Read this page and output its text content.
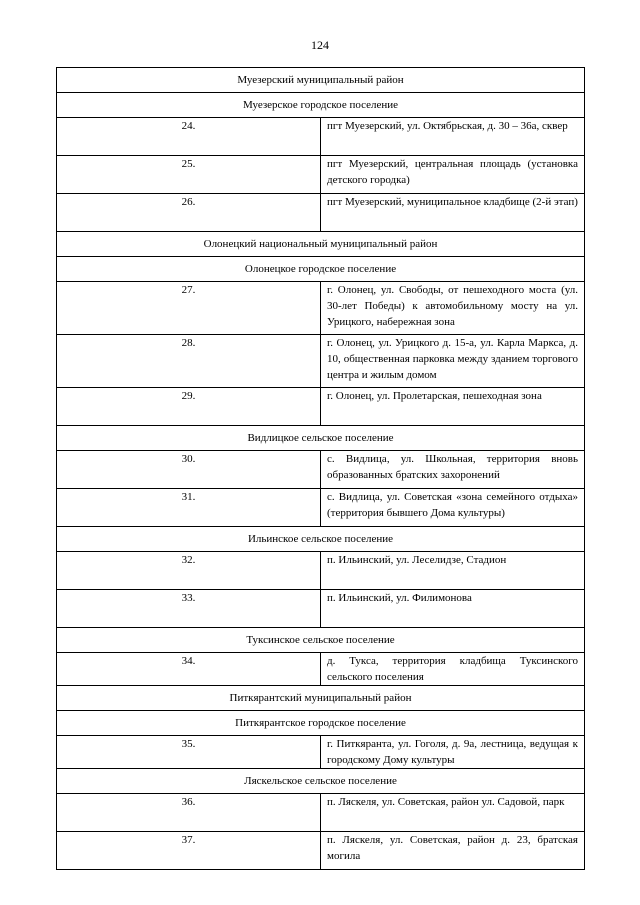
124
Муезерский муниципальный район	
Муезерское городское поселение	
24.	пгт Муезерский, ул. Октябрьская, д. 30 – 36а, сквер
25.	пгт Муезерский, центральная площадь (установка детского городка)
26.	пгт Муезерский, муниципальное кладбище (2-й этап)
Олонецкий национальный муниципальный район	
Олонецкое городское поселение	
27.	г. Олонец, ул. Свободы, от пешеходного моста (ул. 30-лет Победы) к автомобильному мосту на ул. Урицкого, набережная зона
28.	г. Олонец, ул. Урицкого д. 15-а, ул. Карла Маркса, д. 10, общественная парковка между зданием торгового центра и жилым домом
29.	г. Олонец, ул. Пролетарская, пешеходная зона
Видлицкое сельское поселение	
30.	с. Видлица, ул. Школьная, территория вновь образованных братских захоронений
31.	с. Видлица, ул. Советская «зона семейного отдыха» (территория бывшего Дома культуры)
Ильинское сельское поселение	
32.	п. Ильинский, ул. Леселидзе, Стадион
33.	п. Ильинский, ул. Филимонова
Туксинское сельское поселение	
34.	д. Тукса, территория кладбища Туксинского сельского поселения
Питкярантский муниципальный район	
Питкярантское городское поселение	
35.	г. Питкяранта, ул. Гоголя, д. 9а, лестница, ведущая к городскому Дому культуры
Ляскельское сельское поселение	
36.	п. Ляскеля, ул. Советская, район ул. Садовой, парк
37.	п. Ляскеля, ул. Советская, район д. 23, братская могила
